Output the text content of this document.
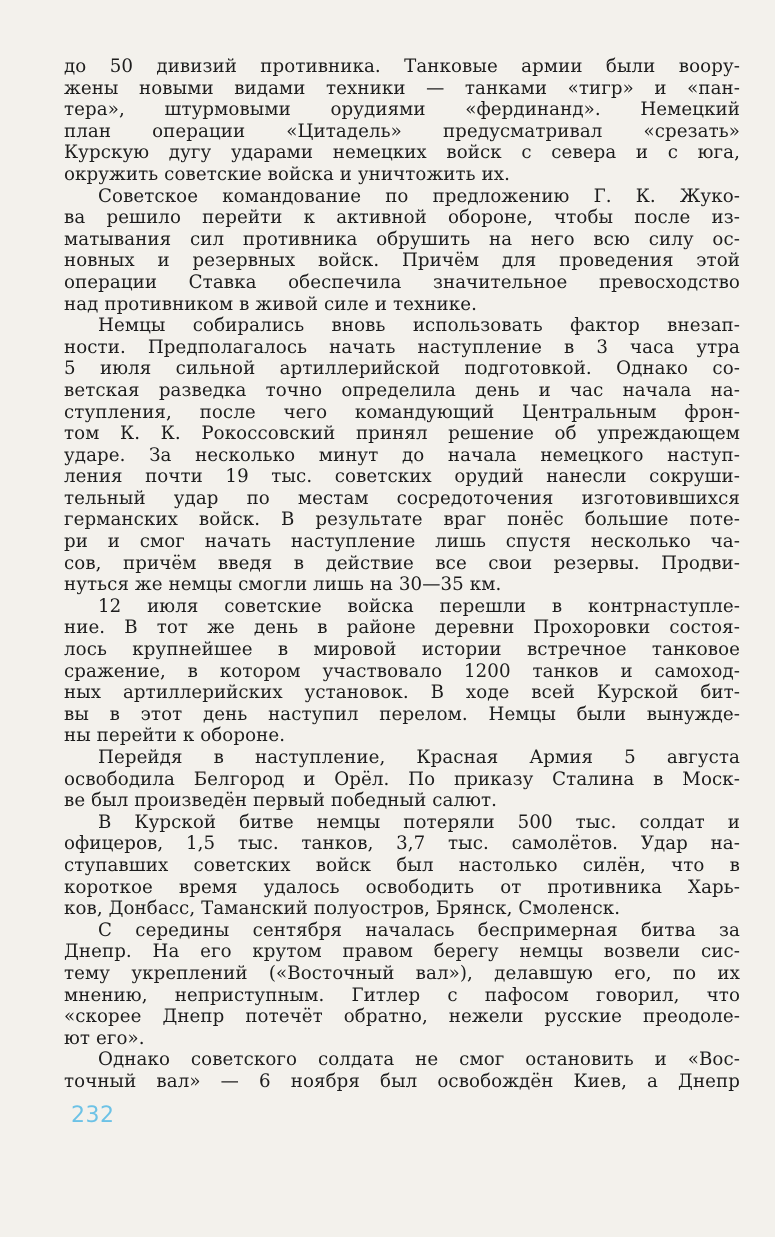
до 50 дивизий противника. Танковые армии были воору-
жены новыми видами техники — танками «тигр» и «пан-
тера», штурмовыми орудиями «фердинанд». Немецкий
план операции «Цитадель» предусматривал «срезать»
Курскую дугу ударами немецких войск с севера и с юга,
окружить советские войска и уничтожить их.
Советское командование по предложению Г. К. Жуко-
ва решило перейти к активной обороне, чтобы после из-
матывания сил противника обрушить на него всю силу ос-
новных и резервных войск. Причём для проведения этой
операции Ставка обеспечила значительное превосходство
над противником в живой силе и технике.
Немцы собирались вновь использовать фактор внезап-
ности. Предполагалось начать наступление в 3 часа утра
5 июля сильной артиллерийской подготовкой. Однако со-
ветская разведка точно определила день и час начала на-
ступления, после чего командующий Центральным фрон-
том К. К. Рокоссовский принял решение об упреждающем
ударе. За несколько минут до начала немецкого наступ-
ления почти 19 тыс. советских орудий нанесли сокруши-
тельный удар по местам сосредоточения изготовившихся
германских войск. В результате враг понёс большие поте-
ри и смог начать наступление лишь спустя несколько ча-
сов, причём введя в действие все свои резервы. Продви-
нуться же немцы смогли лишь на 30—35 км.
12 июля советские войска перешли в контрнаступле-
ние. В тот же день в районе деревни Прохоровки состоя-
лось крупнейшее в мировой истории встречное танковое
сражение, в котором участвовало 1200 танков и самоход-
ных артиллерийских установок. В ходе всей Курской бит-
вы в этот день наступил перелом. Немцы были вынужде-
ны перейти к обороне.
Перейдя в наступление, Красная Армия 5 августа
освободила Белгород и Орёл. По приказу Сталина в Моск-
ве был произведён первый победный салют.
В Курской битве немцы потеряли 500 тыс. солдат и
офицеров, 1,5 тыс. танков, 3,7 тыс. самолётов. Удар на-
ступавших советских войск был настолько силён, что в
короткое время удалось освободить от противника Харь-
ков, Донбасс, Таманский полуостров, Брянск, Смоленск.
С середины сентября началась беспримерная битва за
Днепр. На его крутом правом берегу немцы возвели сис-
тему укреплений («Восточный вал»), делавшую его, по их
мнению, неприступным. Гитлер с пафосом говорил, что
«скорее Днепр потечёт обратно, нежели русские преодоле-
ют его».
Однако советского солдата не смог остановить и «Вос-
точный вал» — 6 ноября был освобождён Киев, а Днепр
232
